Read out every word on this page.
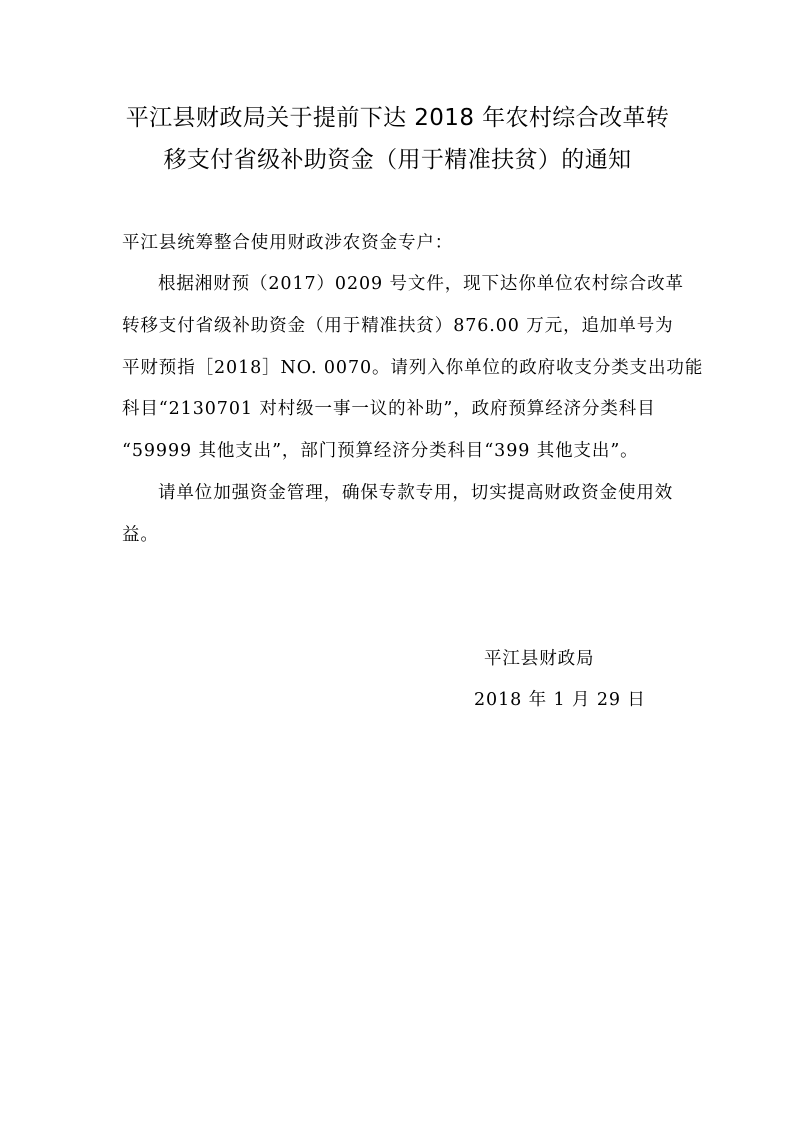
平江县财政局关于提前下达 2018 年农村综合改革转
移支付省级补助资金（用于精准扶贫）的通知
平江县统筹整合使用财政涉农资金专户：
根据湘财预（2017）0209 号文件，现下达你单位农村综合改革
转移支付省级补助资金（用于精准扶贫）876.00 万元，追加单号为
平财预指［2018］NO. 0070。请列入你单位的政府收支分类支出功能
科目“2130701 对村级一事一议的补助”，政府预算经济分类科目
“59999 其他支出”，部门预算经济分类科目“399 其他支出”。
请单位加强资金管理，确保专款专用，切实提高财政资金使用效
益。
平江县财政局
2018 年 1 月 29 日
